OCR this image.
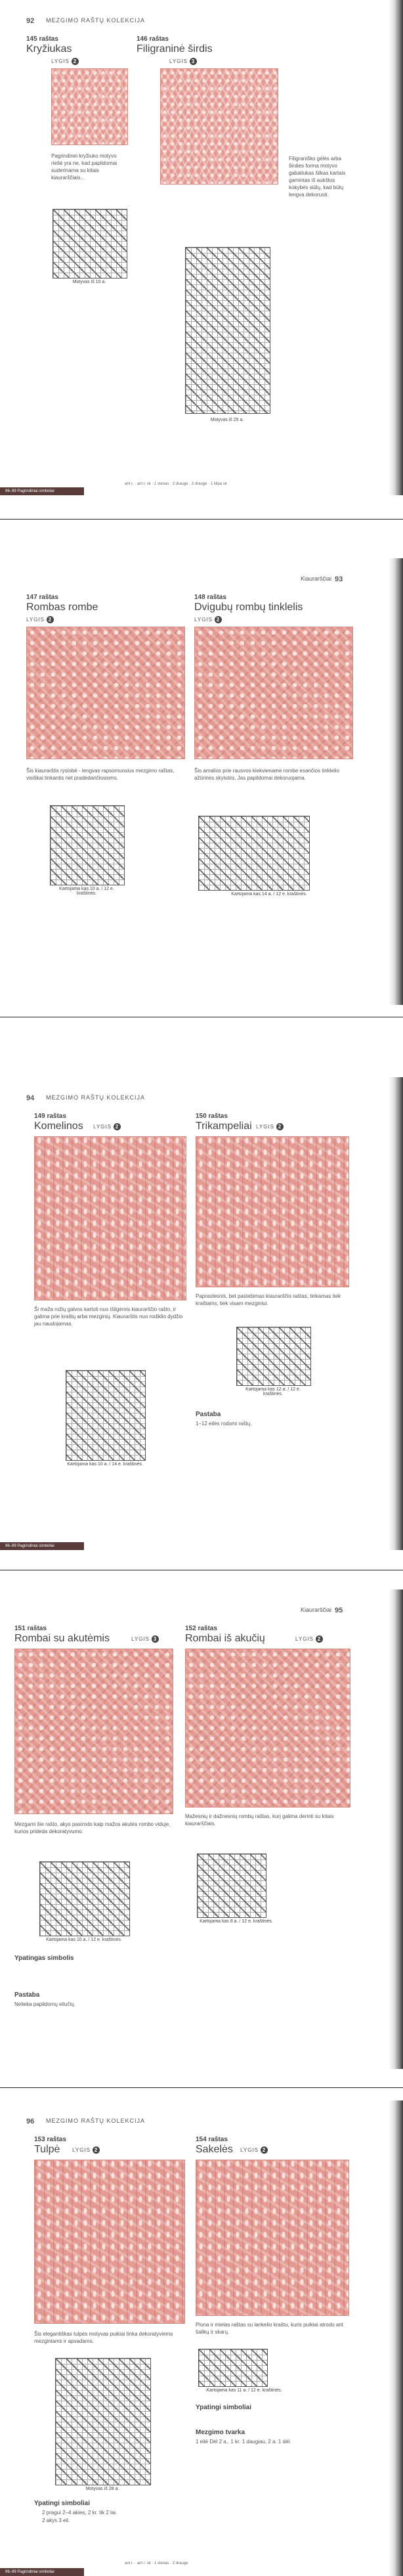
92 MEZGIMO RAŠTŲ KOLEKCIJA
145 raštas
Kryžiukas
LYGIS 2
Pagrindinei kryžiuko motyvo riešė yra ne, kad papildomai suderinama su kitais kiaurarščiais...
Motyvas iš 10 a.
146 raštas
Filigraninė širdis
LYGIS 3
Filigraniško gėlės arba širdies forma motyvo gabaliukas šilkas kartais gamintas iš aukštos kokybės siūlų, kad būtų lengva dekoruoti.
Motyvas iš 25 a.
ant r. · ant r. sk · 1 vienas · 2 drauge · 3 drauge · 1 kilpa sk
96–99 Pagrindiniai simboliai
Kiaurarščiai 93
147 raštas
Rombas rombe
LYGIS 2
Šis kiaurarštis rysiobė - lengvas rapsomuosius mezgimo raštas, visiškai tinkantis net pradedančiosioms.
Kartojama kas 10 a. / 12 e. kraštinės.
148 raštas
Dvigubų rombų tinklelis
LYGIS 2
Šis amalios prie rausvos kiekviename rombe esančios tinklelio ažūrinės skylutės. Jas papildomai dekoruojama.
Kartojama kas 14 a. / 12 e. kraštinės.
94 MEZGIMO RAŠTŲ KOLEKCIJA
149 raštas
Komelinos LYGIS 2
Ši maža rožių galvos kartoti nuo išilgėmis kiaurarščio rašto, ir galima prie kraštų arba mezginių. Kiaurarštis nuo rodiklio dydžio jau naudojamas.
Kartojama kas 10 a. / 14 e. kraštinės.
150 raštas
Trikampeliai LYGIS 2
Paprastesnis, bet pastebimas kiaurarščio raštas, tinkamas tiek kraštams, tiek visam mezginiui.
Kartojama kas 12 a. / 12 e. kraštinės.
Pastaba
1–12 eilės rodomi raštų.
96–99 Pagrindiniai simboliai
Kiaurarščiai 95
151 raštas
Rombai su akutėmis	LYGIS 3
Mezgami šie rašto, akys pasirodo kaip mažos akutės rombo viduje, kurios prideda dekoratyvumo.
Kartojama kas 10 a. / 12 e. kraštinės.
Ypatingas simbolis
Pastaba
Nelieka papildomų eilučių.
152 raštas
Rombai iš akučių	LYGIS 2
Mažesnių ir dažnesnių rombų raštas, kurį galima derinti su kitais kiaurarščiais.
Kartojama kas 8 a. / 12 e. kraštinės.
96 MEZGIMO RAŠTŲ KOLEKCIJA
153 raštas
Tulpė LYGIS 2
Šis elegantiškas tulpės motyvas puikiai tinka dekoratyviems mezginiams ir apvadams.
Motyvas iš 28 a.
Ypatingi simboliai
2 pragui 2–4 akies, 2 kr. tik 2 lai.
2 akys 3 eil.
154 raštas
Sakelės LYGIS 2
Plona ir mielas raštas su lankelio kraštu, kuris puikiai atrodo ant šalikų ir skarų.
Kartojama kas 11 a. / 12 e. kraštinės.
Ypatingi simboliai
Mezgimo tvarka
1 eilė Dėl 2 a., 1 kr. 1 daugiau, 2 a. 1 dėl.
ant r. · ant r. sk · 1 vienas · 2 drauge
96–99 Pagrindiniai simboliai
